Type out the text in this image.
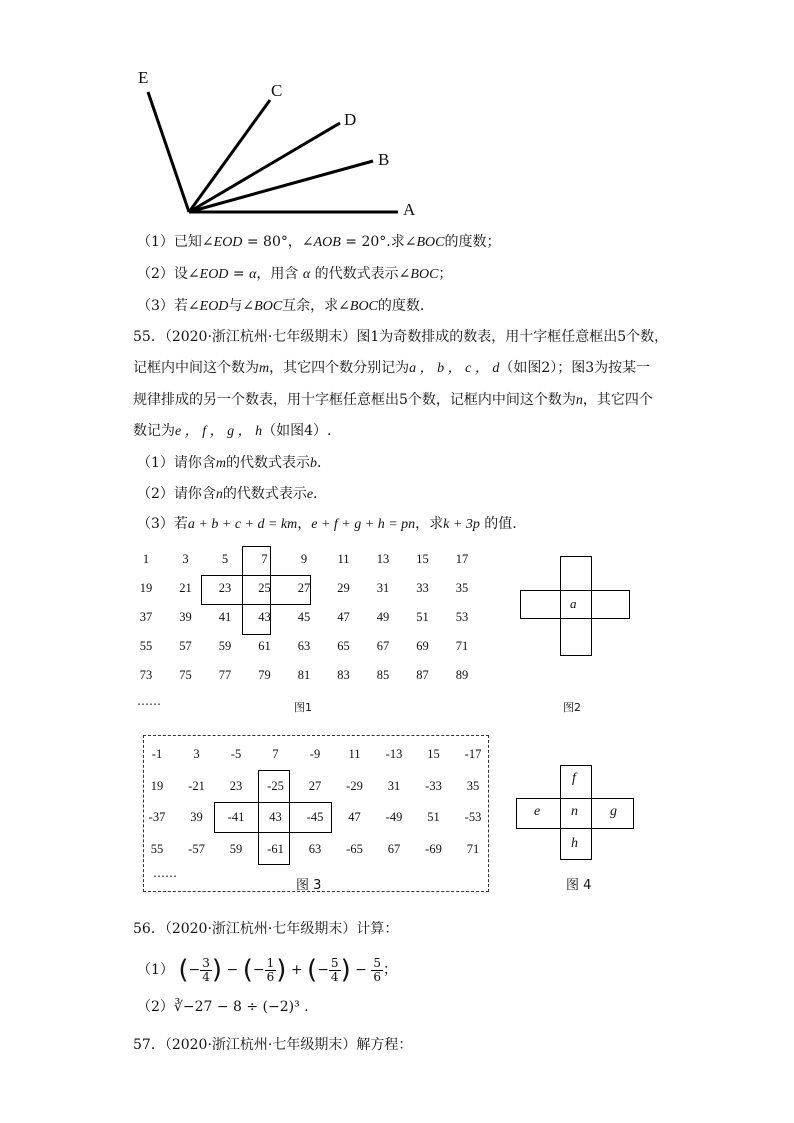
E
C
D
B
A
（1）已知∠EOD = 80°，∠AOB = 20°.求∠BOC的度数；
（2）设∠EOD = α，用含 α 的代数式表示∠BOC；
（3）若∠EOD与∠BOC互余，求∠BOC的度数.
55．（2020·浙江杭州·七年级期末）图1为奇数排成的数表，用十字框任意框出5个数，
记框内中间这个数为m，其它四个数分别记为a ， b ， c ， d（如图2）；图3为按某一
规律排成的另一个数表，用十字框任意框出5个数，记框内中间这个数为n，其它四个
数记为e ， f ， g ， h（如图4）.
（1）请你含m的代数式表示b．
（2）请你含n的代数式表示e．
（3）若a + b + c + d = km，e + f + g + h = pn，求k + 3p 的值.
1	3	5	7	9	11	13	15	17
19	21	23	25	27	29	31	33	35
37	39	41	43	45	47	49	51	53
55	57	59	61	63	65	67	69	71
73	75	77	79	81	83	85	87	89
……	图1
a
图2
-1	3	-5	7	-9	11	-13	15	-17
19	-21	23	-25	27	-29	31	-33	35
-37	39	-41	43	-45	47	-49	51	-53
55	-57	59	-61	63	-65	67	-69	71
……
图 3
f
e n g
h
图 4
56．（2020·浙江杭州·七年级期末）计算：
（1） (− $\frac{3}{4}$ ) − (− $\frac{1}{6}$ ) + (− $\frac{5}{4}$ ) − $\frac{5}{6}$ ；
（2）∛−27 − 8 ÷ (−2)³ .
57．（2020·浙江杭州·七年级期末）解方程：
